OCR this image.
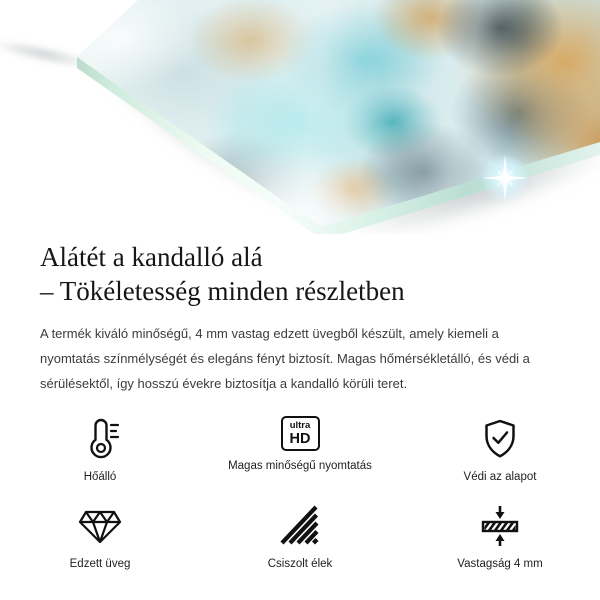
Alátét a kandalló alá
– Tökéletesség minden részletben

A termék kiváló minőségű, 4 mm vastag edzett üvegből készült, amely kiemeli a nyomtatás színmélységét és elegáns fényt biztosít. Magas hőmérsékletálló, és védi a sérülésektől, így hosszú évekre biztosítja a kandalló körüli teret.

Hőálló
ultra
HD
Magas minőségű nyomtatás
Védi az alapot
Edzett üveg	Csiszolt élek	Vastagság 4 mm
